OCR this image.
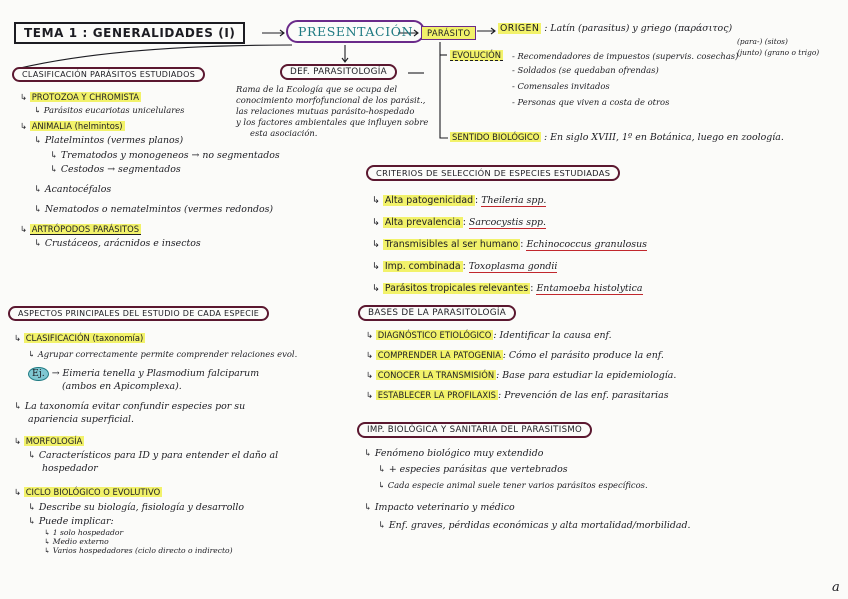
TEMA 1 : GENERALIDADES (I)	PRESENTACIÓN	PARÁSITO	ORIGEN : Latín (parasitus) y griego (παράσιτος)
(para-) (sitos)
(junto) (grano o trigo)
EVOLUCIÓN - Recomendadores de impuestos (supervis. cosechas)
- Soldados (se quedaban ofrendas)
- Comensales invitados
- Personas que viven a costa de otros
SENTIDO BIOLÓGICO : En siglo XVIII, 1º en Botánica, luego en zoología.
DEF. PARASITOLOGÍA
Rama de la Ecología que se ocupa del
conocimiento morfofuncional de los parásit.,
las relaciones mutuas parásito-hospedado
y los factores ambientales que influyen sobre
esta asociación.
CLASIFICACIÓN PARÁSITOS ESTUDIADOS
↳ PROTOZOA Y CHROMISTA
↳ Parásitos eucariotas unicelulares
↳ ANIMALIA (helmintos)
↳ Platelmintos (vermes planos)
↳ Trematodos y monogeneos → no segmentados
↳ Cestodos → segmentados
↳ Acantocéfalos
↳ Nematodos o nematelmintos (vermes redondos)
↳ ARTRÓPODOS PARÁSITOS
↳ Crustáceos, arácnidos e insectos
CRITERIOS DE SELECCIÓN DE ESPECIES ESTUDIADAS
↳ Alta patogenicidad : Theileria spp.
↳ Alta prevalencia : Sarcocystis spp.
↳ Transmisibles al ser humano : Echinococcus granulosus
↳ Imp. combinada : Toxoplasma gondii
↳ Parásitos tropicales relevantes : Entamoeba histolytica
ASPECTOS PRINCIPALES DEL ESTUDIO DE CADA ESPECIE
↳ CLASIFICACIÓN (taxonomía)
↳ Agrupar correctamente permite comprender relaciones evol.
Ej. → Eimeria tenella y Plasmodium falciparum
(ambos en Apicomplexa).
↳ La taxonomía evitar confundir especies por su
apariencia superficial.
↳ MORFOLOGÍA
↳ Característicos para ID y para entender el daño al
hospedador
↳ CICLO BIOLÓGICO O EVOLUTIVO
↳ Describe su biología, fisiología y desarrollo
↳ Puede implicar:
↳ 1 solo hospedador
↳ Medio externo
↳ Varios hospedadores (ciclo directo o indirecto)
BASES DE LA PARASITOLOGÍA
↳ DIAGNÓSTICO ETIOLÓGICO : Identificar la causa enf.
↳ COMPRENDER LA PATOGENIA : Cómo el parásito produce la enf.
↳ CONOCER LA TRANSMISIÓN : Base para estudiar la epidemiología.
↳ ESTABLECER LA PROFILAXIS : Prevención de las enf. parasitarias
IMP. BIOLÓGICA Y SANITARIA DEL PARASITISMO
↳ Fenómeno biológico muy extendido
↳ + especies parásitas que vertebrados
↳ Cada especie animal suele tener varios parásitos específicos.
↳ Impacto veterinario y médico
↳ Enf. graves, pérdidas económicas y alta mortalidad/morbilidad.
a
